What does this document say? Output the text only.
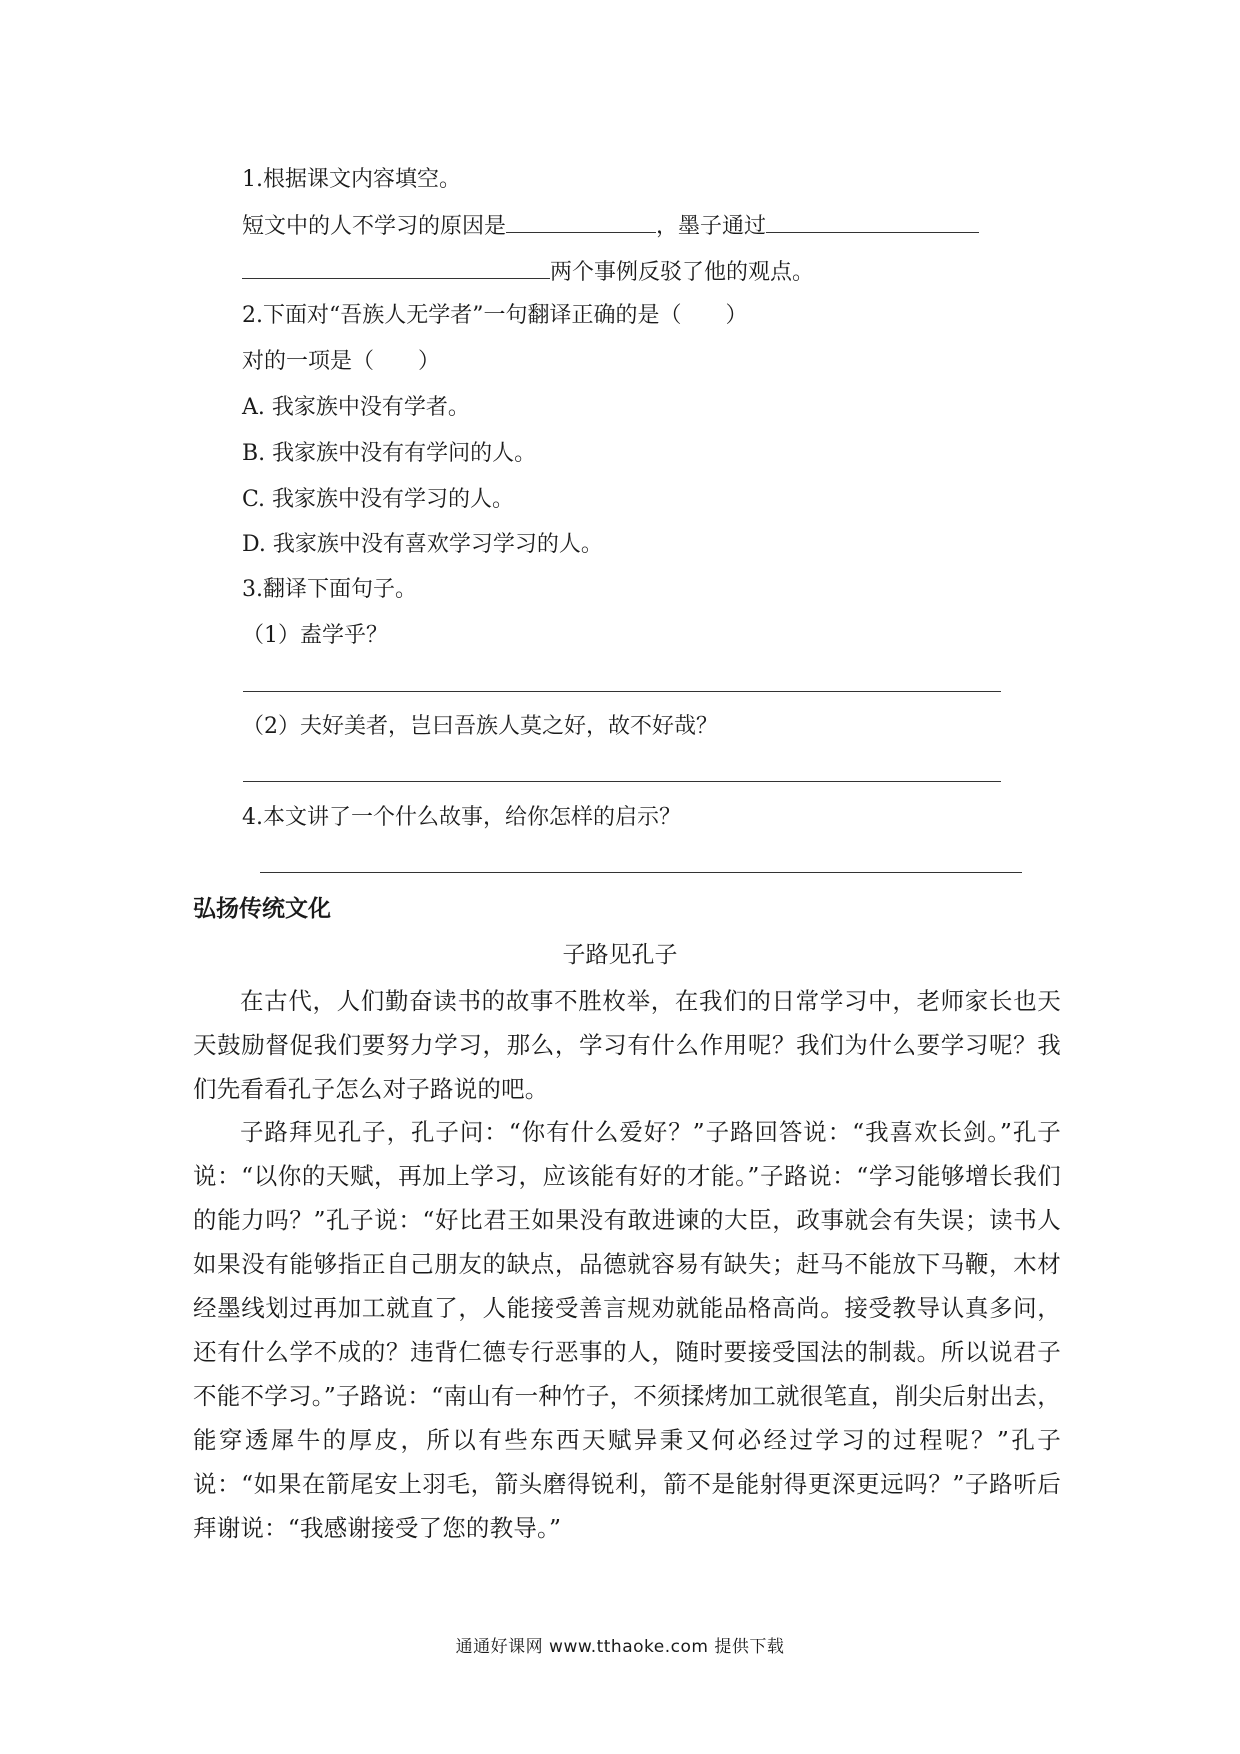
1.根据课文内容填空。
短文中的人不学习的原因是	，墨子通过
两个事例反驳了他的观点。
2.下面对“吾族人无学者”一句翻译正确的是（　　）
对的一项是（　　）
A. 我家族中没有学者。
B. 我家族中没有有学问的人。
C. 我家族中没有学习的人。
D. 我家族中没有喜欢学习学习的人。
3.翻译下面句子。
（1）盍学乎？
（2）夫好美者，岂曰吾族人莫之好，故不好哉？
4.本文讲了一个什么故事，给你怎样的启示？
弘扬传统文化
子路见孔子

在古代，人们勤奋读书的故事不胜枚举，在我们的日常学习中，老师家长也天天鼓励督促我们要努力学习，那么，学习有什么作用呢？我们为什么要学习呢？我们先看看孔子怎么对子路说的吧。

子路拜见孔子，孔子问：“你有什么爱好？”子路回答说：“我喜欢长剑。”孔子说：“以你的天赋，再加上学习，应该能有好的才能。”子路说：“学习能够增长我们的能力吗？”孔子说：“好比君王如果没有敢进谏的大臣，政事就会有失误；读书人如果没有能够指正自己朋友的缺点，品德就容易有缺失；赶马不能放下马鞭，木材经墨线划过再加工就直了，人能接受善言规劝就能品格高尚。接受教导认真多问，还有什么学不成的？违背仁德专行恶事的人，随时要接受国法的制裁。所以说君子不能不学习。”子路说：“南山有一种竹子，不须揉烤加工就很笔直，削尖后射出去，能穿透犀牛的厚皮，所以有些东西天赋异秉又何必经过学习的过程呢？”孔子说：“如果在箭尾安上羽毛，箭头磨得锐利，箭不是能射得更深更远吗？”子路听后拜谢说：“我感谢接受了您的教导。”

通通好课网 www.tthaoke.com 提供下载
